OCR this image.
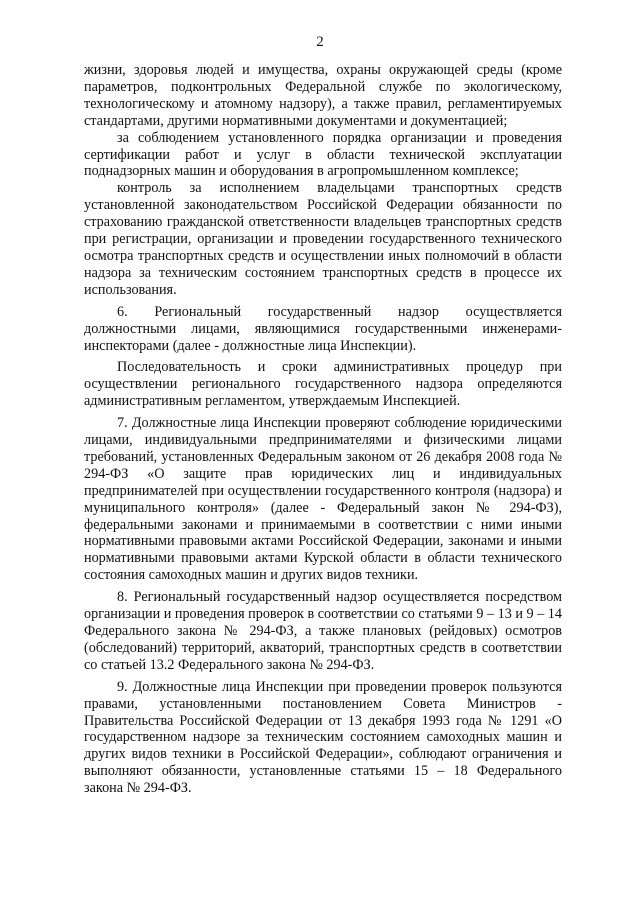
2

жизни, здоровья людей и имущества, охраны окружающей среды (кроме параметров, подконтрольных Федеральной службе по экологическому, технологическому и атомному надзору), а также правил, регламентируемых стандартами, другими нормативными документами и документацией;

за соблюдением установленного порядка организации и проведения сертификации работ и услуг в области технической эксплуатации поднадзорных машин и оборудования в агропромышленном комплексе;

контроль за исполнением владельцами транспортных средств установленной законодательством Российской Федерации обязанности по страхованию гражданской ответственности владельцев транспортных средств при регистрации, организации и проведении государственного технического осмотра транспортных средств и осуществлении иных полномочий в области надзора за техническим состоянием транспортных средств в процессе их использования.

6. Региональный государственный надзор осуществляется должностными лицами, являющимися государственными инженерами-инспекторами (далее - должностные лица Инспекции).

Последовательность и сроки административных процедур при осуществлении регионального государственного надзора определяются административным регламентом, утверждаемым Инспекцией.

7. Должностные лица Инспекции проверяют соблюдение юридическими лицами, индивидуальными предпринимателями и физическими лицами требований, установленных Федеральным законом от 26 декабря 2008 года № 294-ФЗ «О защите прав юридических лиц и индивидуальных предпринимателей при осуществлении государственного контроля (надзора) и муниципального контроля» (далее - Федеральный закон № 294-ФЗ), федеральными законами и принимаемыми в соответствии с ними иными нормативными правовыми актами Российской Федерации, законами и иными нормативными правовыми актами Курской области в области технического состояния самоходных машин и других видов техники.

8. Региональный государственный надзор осуществляется посредством организации и проведения проверок в соответствии со статьями 9 – 13 и 9 – 14 Федерального закона № 294-ФЗ, а также плановых (рейдовых) осмотров (обследований) территорий, акваторий, транспортных средств в соответствии со статьей 13.2 Федерального закона № 294-ФЗ.

9. Должностные лица Инспекции при проведении проверок пользуются правами, установленными постановлением Совета Министров - Правительства Российской Федерации от 13 декабря 1993 года № 1291 «О государственном надзоре за техническим состоянием самоходных машин и других видов техники в Российской Федерации», соблюдают ограничения и выполняют обязанности, установленные статьями 15 – 18 Федерального закона № 294-ФЗ.
